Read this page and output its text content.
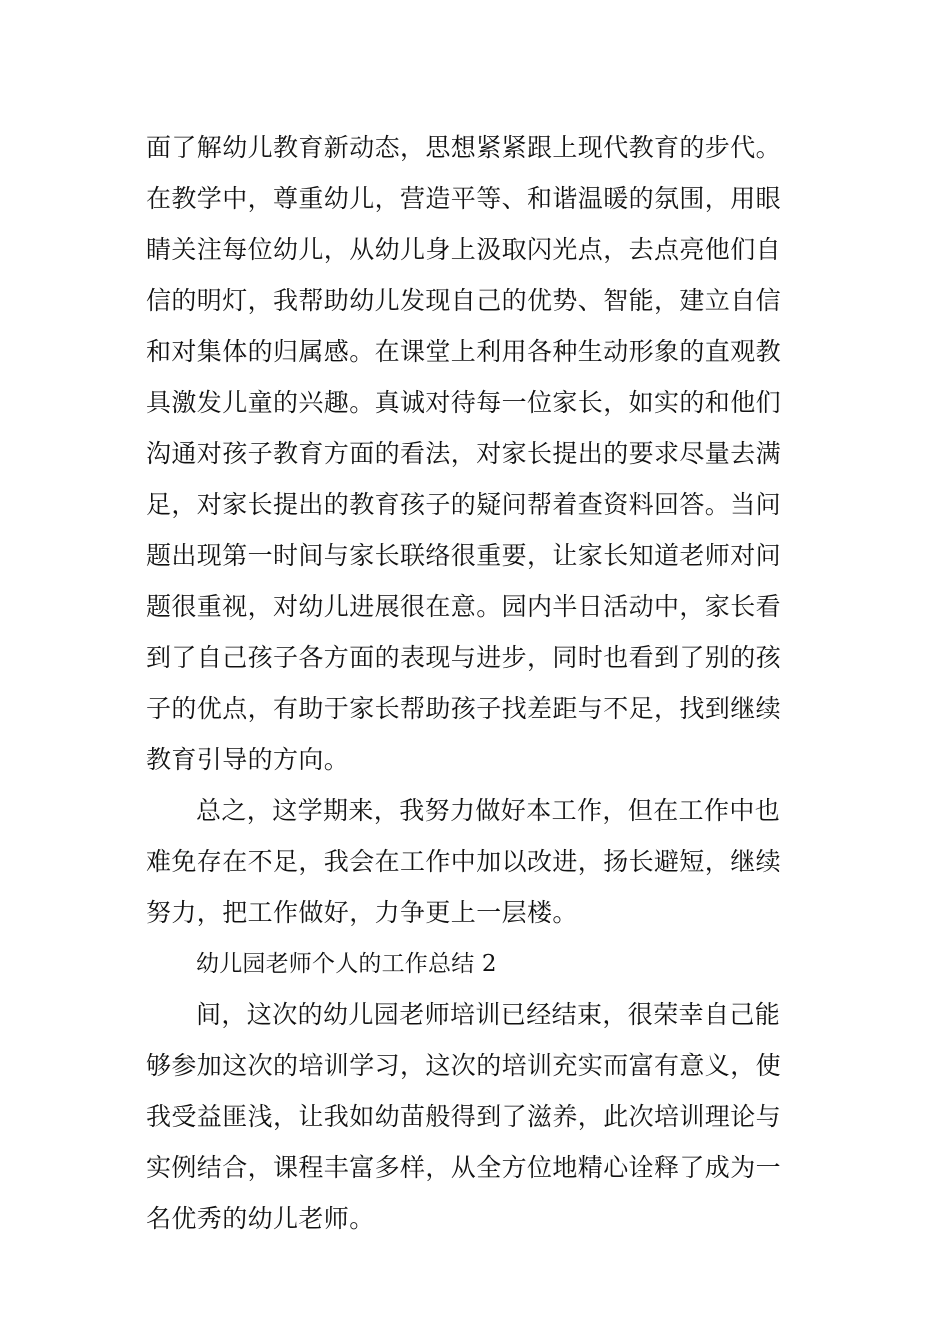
面了解幼儿教育新动态，思想紧紧跟上现代教育的步代。
在教学中，尊重幼儿，营造平等、和谐温暖的氛围，用眼
睛关注每位幼儿，从幼儿身上汲取闪光点，去点亮他们自
信的明灯，我帮助幼儿发现自己的优势、智能，建立自信
和对集体的归属感。在课堂上利用各种生动形象的直观教
具激发儿童的兴趣。真诚对待每一位家长，如实的和他们
沟通对孩子教育方面的看法，对家长提出的要求尽量去满
足，对家长提出的教育孩子的疑问帮着查资料回答。当问
题出现第一时间与家长联络很重要，让家长知道老师对问
题很重视，对幼儿进展很在意。园内半日活动中，家长看
到了自己孩子各方面的表现与进步，同时也看到了别的孩
子的优点，有助于家长帮助孩子找差距与不足，找到继续
教育引导的方向。
总之，这学期来，我努力做好本工作，但在工作中也
难免存在不足，我会在工作中加以改进，扬长避短，继续
努力，把工作做好，力争更上一层楼。
幼儿园老师个人的工作总结 2
间，这次的幼儿园老师培训已经结束，很荣幸自己能
够参加这次的培训学习，这次的培训充实而富有意义，使
我受益匪浅，让我如幼苗般得到了滋养，此次培训理论与
实例结合，课程丰富多样，从全方位地精心诠释了成为一
名优秀的幼儿老师。
